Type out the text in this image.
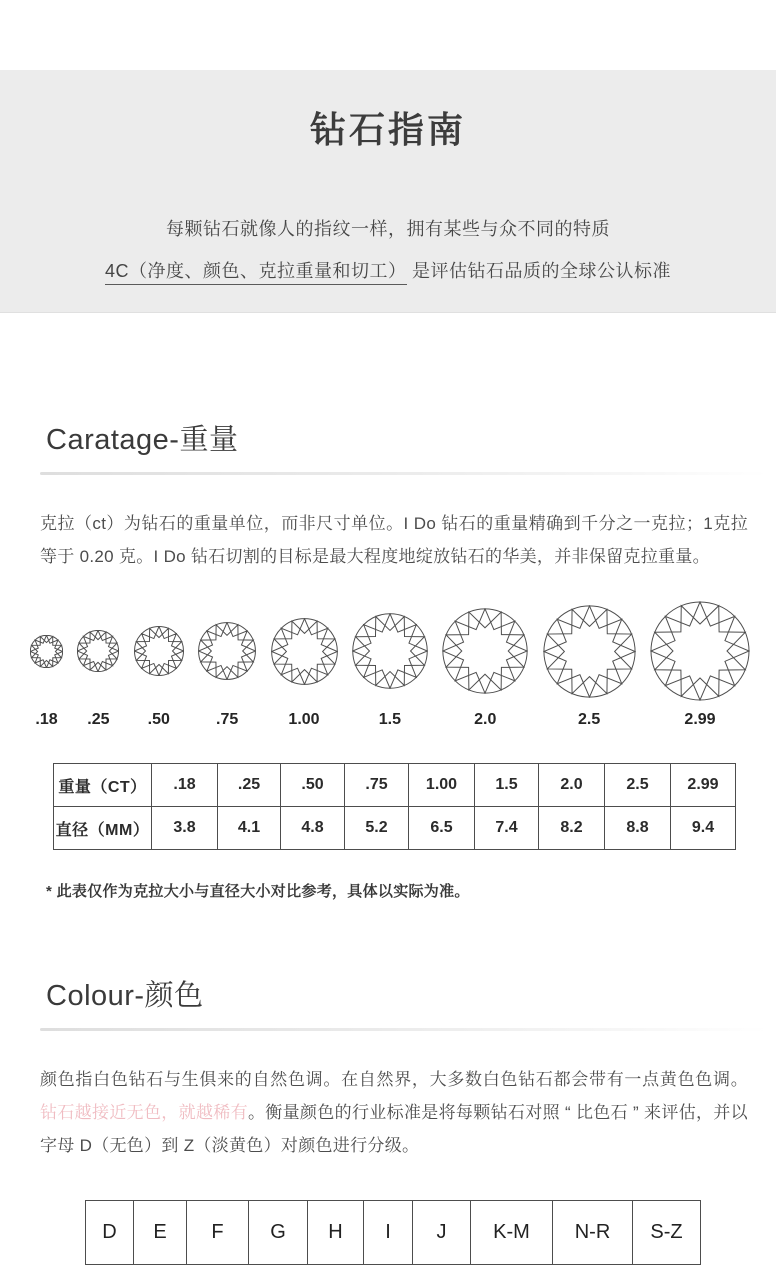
钻石指南
每颗钻石就像人的指纹一样，拥有某些与众不同的特质
4C（净度、颜色、克拉重量和切工） 是评估钻石品质的全球公认标准
Caratage-重量

克拉（ct）为钻石的重量单位，而非尺寸单位。I Do 钻石的重量精确到千分之一克拉；1克拉等于 0.20 克。I Do 钻石切割的目标是最大程度地绽放钻石的华美，并非保留克拉重量。

.18 .25 .50	.75	1.00	1.5	2.0	2.5	2.99
重量（CT）	.18	.25	.50	.75	1.00	1.5	2.0	2.5	2.99
直径（MM）	3.8	4.1	4.8	5.2	6.5	7.4	8.2	8.8	9.4
* 此表仅作为克拉大小与直径大小对比参考，具体以实际为准。
Colour-颜色

颜色指白色钻石与生俱来的自然色调。在自然界，大多数白色钻石都会带有一点黄色色调。钻石越接近无色，就越稀有。衡量颜色的行业标准是将每颗钻石对照 “ 比色石 ” 来评估，并以字母 D（无色）到 Z（淡黄色）对颜色进行分级。

D	E	F	G	H	I	J	K-M	N-R	S-Z
